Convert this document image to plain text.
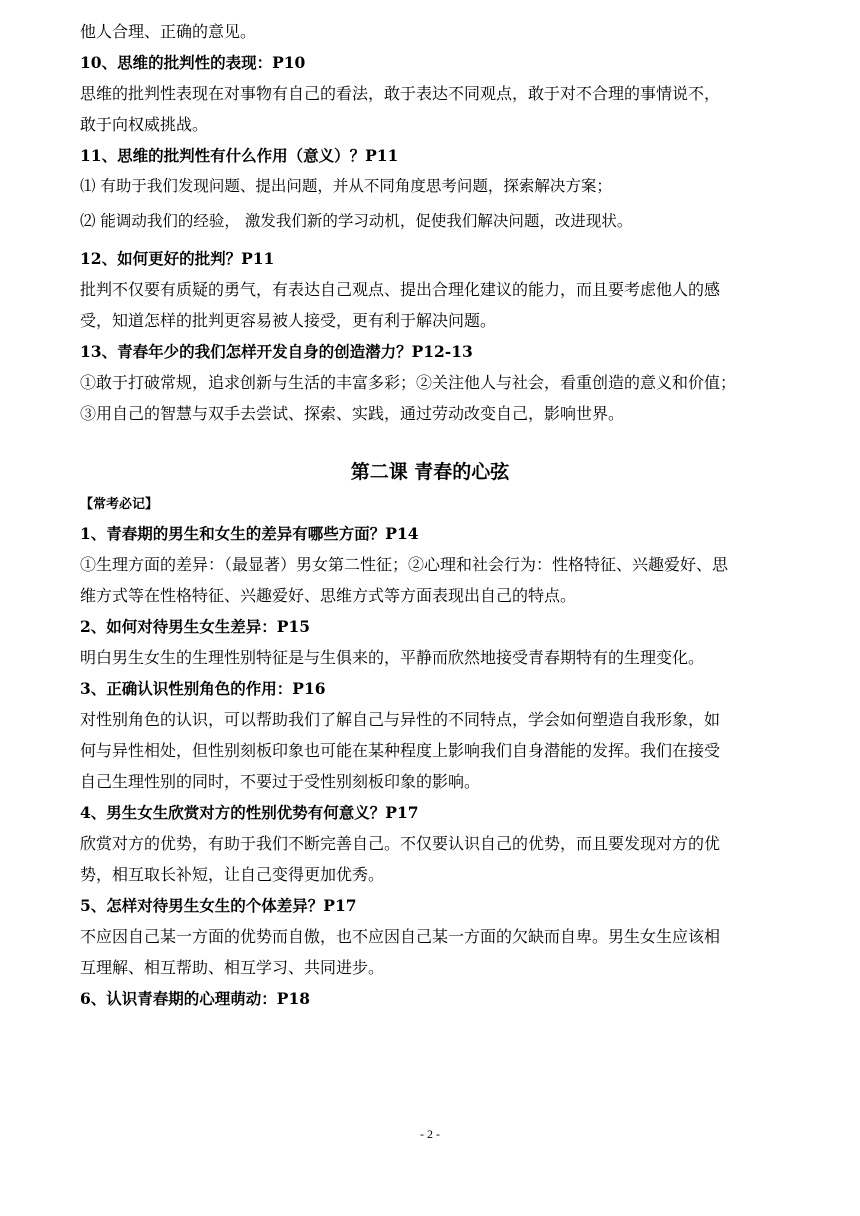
他人合理、正确的意见。

10、思维的批判性的表现：P10

思维的批判性表现在对事物有自己的看法，敢于表达不同观点，敢于对不合理的事情说不，

敢于向权威挑战。

11、思维的批判性有什么作用（意义）？P11

⑴ 有助于我们发现问题、提出问题，并从不同角度思考问题，探索解决方案；

⑵ 能调动我们的经验， 激发我们新的学习动机，促使我们解决问题，改进现状。

12、如何更好的批判？P11

批判不仅要有质疑的勇气，有表达自己观点、提出合理化建议的能力，而且要考虑他人的感

受，知道怎样的批判更容易被人接受，更有利于解决问题。

13、青春年少的我们怎样开发自身的创造潜力？P12-13

①敢于打破常规，追求创新与生活的丰富多彩；②关注他人与社会，看重创造的意义和价值；

③用自己的智慧与双手去尝试、探索、实践，通过劳动改变自己，影响世界。

第二课 青春的心弦

【常考必记】

1、青春期的男生和女生的差异有哪些方面？P14

①生理方面的差异：（最显著）男女第二性征；②心理和社会行为：性格特征、兴趣爱好、思

维方式等在性格特征、兴趣爱好、思维方式等方面表现出自己的特点。

2、如何对待男生女生差异：P15

明白男生女生的生理性别特征是与生俱来的，平静而欣然地接受青春期特有的生理变化。

3、正确认识性别角色的作用：P16

对性别角色的认识，可以帮助我们了解自己与异性的不同特点，学会如何塑造自我形象，如

何与异性相处，但性别刻板印象也可能在某种程度上影响我们自身潜能的发挥。我们在接受

自己生理性别的同时，不要过于受性别刻板印象的影响。

4、男生女生欣赏对方的性别优势有何意义？P17

欣赏对方的优势，有助于我们不断完善自己。不仅要认识自己的优势，而且要发现对方的优

势，相互取长补短，让自己变得更加优秀。

5、怎样对待男生女生的个体差异？P17

不应因自己某一方面的优势而自傲，也不应因自己某一方面的欠缺而自卑。男生女生应该相

互理解、相互帮助、相互学习、共同进步。

6、认识青春期的心理萌动：P18

- 2 -
